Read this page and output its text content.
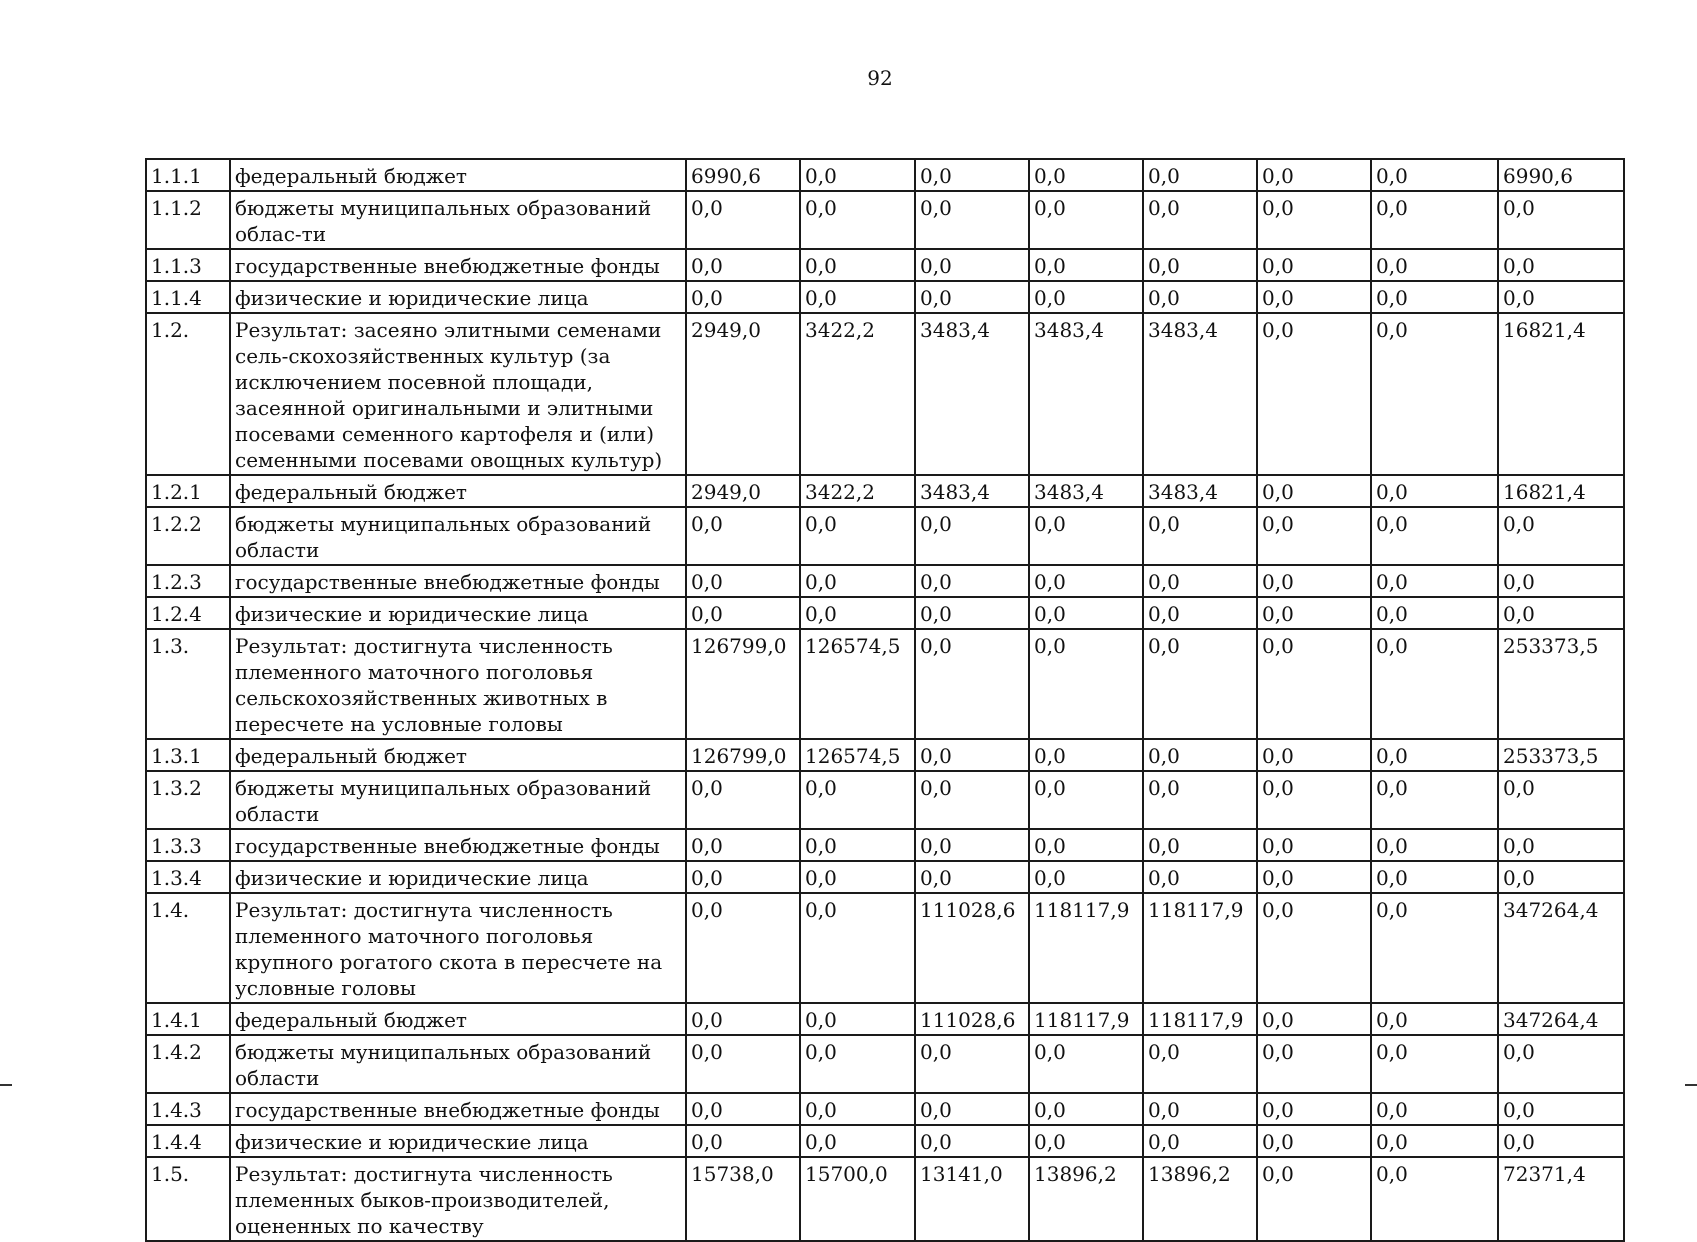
92
1.1.1	федеральный бюджет	6990,6	0,0	0,0	0,0	0,0	0,0	0,0	6990,6
1.1.2	бюджеты муниципальных образований облас-ти	0,0	0,0	0,0	0,0	0,0	0,0	0,0	0,0
1.1.3	государственные внебюджетные фонды	0,0	0,0	0,0	0,0	0,0	0,0	0,0	0,0
1.1.4	физические и юридические лица	0,0	0,0	0,0	0,0	0,0	0,0	0,0	0,0
1.2.	Результат: засеяно элитными семенами сель-скохозяйственных культур (за исключением посевной площади, засеянной оригинальными и элитными посевами семенного картофеля и (или) семенными посевами овощных культур)	2949,0	3422,2	3483,4	3483,4	3483,4	0,0	0,0	16821,4
1.2.1	федеральный бюджет	2949,0	3422,2	3483,4	3483,4	3483,4	0,0	0,0	16821,4
1.2.2	бюджеты муниципальных образований области	0,0	0,0	0,0	0,0	0,0	0,0	0,0	0,0
1.2.3	государственные внебюджетные фонды	0,0	0,0	0,0	0,0	0,0	0,0	0,0	0,0
1.2.4	физические и юридические лица	0,0	0,0	0,0	0,0	0,0	0,0	0,0	0,0
1.3.	Результат: достигнута численность племенного маточного поголовья сельскохозяйственных животных в пересчете на условные головы	126799,0	126574,5	0,0	0,0	0,0	0,0	0,0	253373,5
1.3.1	федеральный бюджет	126799,0	126574,5	0,0	0,0	0,0	0,0	0,0	253373,5
1.3.2	бюджеты муниципальных образований области	0,0	0,0	0,0	0,0	0,0	0,0	0,0	0,0
1.3.3	государственные внебюджетные фонды	0,0	0,0	0,0	0,0	0,0	0,0	0,0	0,0
1.3.4	физические и юридические лица	0,0	0,0	0,0	0,0	0,0	0,0	0,0	0,0
1.4.	Результат: достигнута численность племенного маточного поголовья крупного рогатого скота в пересчете на условные головы	0,0	0,0	111028,6	118117,9	118117,9	0,0	0,0	347264,4
1.4.1	федеральный бюджет	0,0	0,0	111028,6	118117,9	118117,9	0,0	0,0	347264,4
1.4.2	бюджеты муниципальных образований области	0,0	0,0	0,0	0,0	0,0	0,0	0,0	0,0
1.4.3	государственные внебюджетные фонды	0,0	0,0	0,0	0,0	0,0	0,0	0,0	0,0
1.4.4	физические и юридические лица	0,0	0,0	0,0	0,0	0,0	0,0	0,0	0,0
1.5.	Результат: достигнута численность племенных быков-производителей, оцененных по качеству	15738,0	15700,0	13141,0	13896,2	13896,2	0,0	0,0	72371,4
